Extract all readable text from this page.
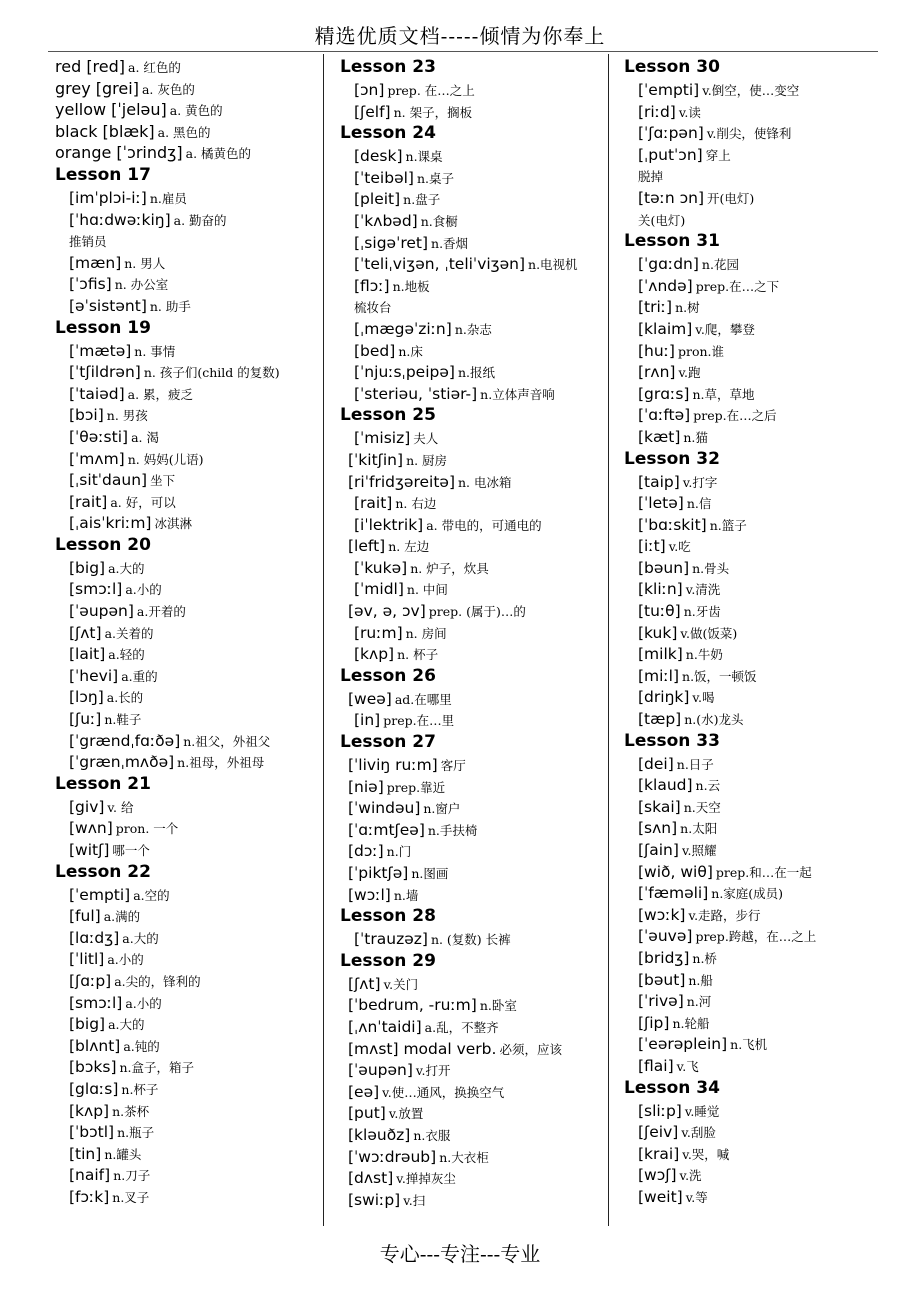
精选优质文档-----倾情为你奉上
red [red] a. 红色的
grey [grei] a. 灰色的
yellow [ˈjeləu] a. 黄色的
black [blæk] a. 黑色的
orange [ˈɔrindʒ] a. 橘黄色的
Lesson 17
[imˈplɔi-iː] n.雇员
[ˈhɑːdwəːkiŋ] a. 勤奋的
推销员
[mæn] n. 男人
[ˈɔfis] n. 办公室
[əˈsistənt] n. 助手
Lesson 19
[ˈmætə] n. 事情
[ˈtʃildrən] n. 孩子们(child 的复数)
[ˈtaiəd] a. 累，疲乏
[bɔi] n. 男孩
[ˈθəːsti] a. 渴
[ˈmʌm] n. 妈妈(儿语)
[ˌsitˈdaun] 坐下
[rait] a. 好，可以
[ˌaisˈkriːm] 冰淇淋
Lesson 20
[big] a.大的
[smɔːl] a.小的
[ˈəupən] a.开着的
[ʃʌt] a.关着的
[lait] a.轻的
[ˈhevi] a.重的
[lɔŋ] a.长的
[ʃuː] n.鞋子
[ˈgrændˌfɑːðə] n.祖父，外祖父
[ˈgrænˌmʌðə] n.祖母，外祖母
Lesson 21
[giv] v. 给
[wʌn] pron. 一个
[witʃ] 哪一个
Lesson 22
[ˈempti] a.空的
[ful] a.满的
[lɑːdʒ] a.大的
[ˈlitl] a.小的
[ʃɑːp] a.尖的，锋利的
[smɔːl] a.小的
[big] a.大的
[blʌnt] a.钝的
[bɔks] n.盒子，箱子
[glɑːs] n.杯子
[kʌp] n.茶杯
[ˈbɔtl] n.瓶子
[tin] n.罐头
[naif] n.刀子
[fɔːk] n.叉子
Lesson 23
[ɔn] prep. 在…之上
[ʃelf] n. 架子，搁板
Lesson 24
[desk] n.课桌
[ˈteibəl] n.桌子
[pleit] n.盘子
[ˈkʌbəd] n.食橱
[ˌsigəˈret] n.香烟
[ˈteliˌviʒən, ˌteliˈviʒən] n.电视机
[flɔː] n.地板
梳妆台
[ˌmægəˈziːn] n.杂志
[bed] n.床
[ˈnjuːsˌpeipə] n.报纸
[ˈsteriəu, ˈstiər-] n.立体声音响
Lesson 25
[ˈmisiz] 夫人
[ˈkitʃin] n. 厨房
[riˈfridʒəreitə] n. 电冰箱
[rait] n. 右边
[iˈlektrik] a. 带电的，可通电的
[left] n. 左边
[ˈkukə] n. 炉子，炊具
[ˈmidl] n. 中间
[əv, ə, ɔv] prep. (属于)…的
[ruːm] n. 房间
[kʌp] n. 杯子
Lesson 26
[weə] ad.在哪里
[in] prep.在…里
Lesson 27
[ˈliviŋ ruːm] 客厅
[niə] prep.靠近
[ˈwindəu] n.窗户
[ˈɑːmtʃeə] n.手扶椅
[dɔː] n.门
[ˈpiktʃə] n.图画
[wɔːl] n.墙
Lesson 28
[ˈtrauzəz] n. (复数) 长裤
Lesson 29
[ʃʌt] v.关门
[ˈbedrum, -ruːm] n.卧室
[ˌʌnˈtaidi] a.乱，不整齐
[mʌst] modal verb. 必须，应该
[ˈəupən] v.打开
[eə] v.使…通风，换换空气
[put] v.放置
[kləuðz] n.衣服
[ˈwɔːdrəub] n.大衣柜
[dʌst] v.掸掉灰尘
[swiːp] v.扫
Lesson 30
[ˈempti] v.倒空，使…变空
[riːd] v.读
[ˈʃɑːpən] v.削尖，使锋利
[ˌputˈɔn] 穿上
脱掉
[təːn ɔn] 开(电灯)
关(电灯)
Lesson 31
[ˈgɑːdn] n.花园
[ˈʌndə] prep.在…之下
[triː] n.树
[klaim] v.爬，攀登
[huː] pron.谁
[rʌn] v.跑
[grɑːs] n.草，草地
[ˈɑːftə] prep.在…之后
[kæt] n.猫
Lesson 32
[taip] v.打字
[ˈletə] n.信
[ˈbɑːskit] n.篮子
[iːt] v.吃
[bəun] n.骨头
[kliːn] v.清洗
[tuːθ] n.牙齿
[kuk] v.做(饭菜)
[milk] n.牛奶
[miːl] n.饭，一顿饭
[driŋk] v.喝
[tæp] n.(水)龙头
Lesson 33
[dei] n.日子
[klaud] n.云
[skai] n.天空
[sʌn] n.太阳
[ʃain] v.照耀
[wið, wiθ] prep.和…在一起
[ˈfæməli] n.家庭(成员)
[wɔːk] v.走路，步行
[ˈəuvə] prep.跨越，在…之上
[bridʒ] n.桥
[bəut] n.船
[ˈrivə] n.河
[ʃip] n.轮船
[ˈeərəplein] n.飞机
[flai] v.飞
Lesson 34
[sliːp] v.睡觉
[ʃeiv] v.刮脸
[krai] v.哭，喊
[wɔʃ] v.洗
[weit] v.等
专心---专注---专业
